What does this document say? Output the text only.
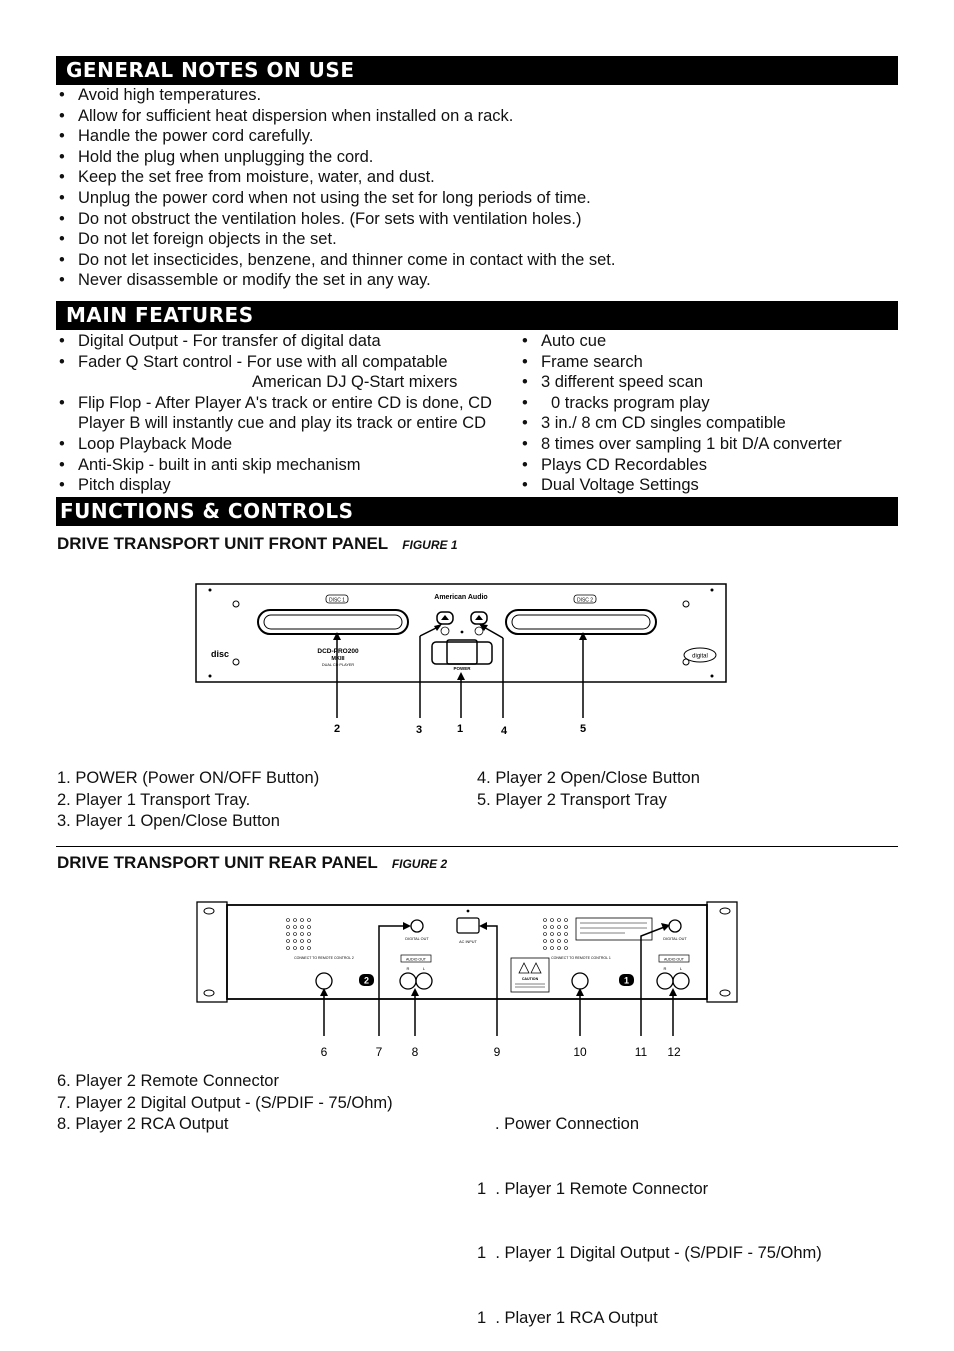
GENERAL NOTES ON USE
• Avoid high temperatures.
• Allow for sufficient heat dispersion when installed on a rack.
• Handle the power cord carefully.
• Hold the plug when unplugging the cord.
• Keep the set free from moisture, water, and dust.
• Unplug the power cord when not using the set for long periods of time.
• Do not obstruct the ventilation holes. (For sets with ventilation holes.)
• Do not let foreign objects in the set.
• Do not let insecticides, benzene, and thinner come in contact with the set.
• Never disassemble or modify the set in any way.
MAIN FEATURES
• Digital Output - For transfer of digital data
• Fader Q Start control - For use with all compatable
American DJ Q-Start mixers
• Flip Flop - After Player A's track or entire CD is done, CD
Player B will instantly cue and play its track or entire CD
• Loop Playback Mode
• Anti-Skip - built in anti skip mechanism
• Pitch display
• Auto cue
• Frame search
• 3 different speed scan
• 0 tracks program play
• 3 in./ 8 cm CD singles compatible
• 8 times over sampling 1 bit D/A converter
• Plays CD Recordables
• Dual Voltage Settings
FUNCTIONS & CONTROLS
DRIVE TRANSPORT UNIT FRONT PANEL FIGURE 1
DISC 1	DISC 2
American Audio
POWER
DCD-PRO200
MKIII
DUAL CD PLAYER
disc	digital
2	3	1	4	5
1. POWER (Power ON/OFF Button)
2. Player 1 Transport Tray.
3. Player 1 Open/Close Button
4. Player 2 Open/Close Button
5. Player 2 Transport Tray
DRIVE TRANSPORT UNIT REAR PANEL FIGURE 2
DIGITAL OUT
AC INPUT
CONNECT TO REMOTE CONTROL 2
2
AUDIO OUT
R	L
CAUTION
DIGITAL OUT
CONNECT TO REMOTE CONTROL 1
1
AUDIO OUT
R	L
6	7 8	9	10	11 12
6. Player 2 Remote Connector
7. Player 2 Digital Output - (S/PDIF - 75/Ohm)
8. Player 2 RCA Output

	. Power Connection

1  . Player 1 Remote Connector

1  . Player 1 Digital Output - (S/PDIF - 75/Ohm)

1  . Player 1 RCA Output
